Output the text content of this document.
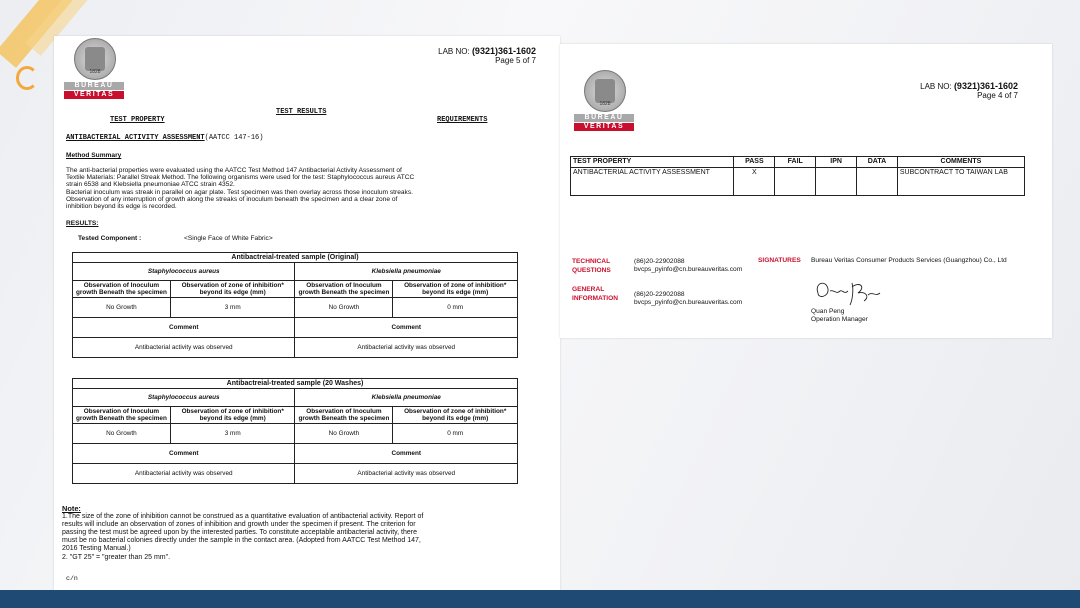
1828
BUREAU
VERITAS
LAB NO: (9321)361-1602
Page 5 of 7
TEST RESULTS
TEST PROPERTY	REQUIREMENTS
ANTIBACTERIAL ACTIVITY ASSESSMENT(AATCC 147-16)
Method Summary
The anti-bacterial properties were evaluated using the AATCC Test Method 147 Antibacterial Activity Assessment of
Textile Materials: Parallel Streak Method. The following organisms were used for the test: Staphylococcus aureus ATCC
strain 6538 and Klebsiella pneumoniae ATCC strain 4352.
Bacterial inoculum was streak in parallel on agar plate. Test specimen was then overlay across those inoculum streaks.
Observation of any interruption of growth along the streaks of inoculum beneath the specimen and a clear zone of
inhibition beyond its edge is recorded.
RESULTS:
Tested Component :	<Single Face of White Fabric>
Antibactreial-treated sample (Original)			
Staphylococcus aureus		Klebsiella pneumoniae	
Observation of Inoculum growth Beneath the specimen	Observation of zone of inhibition* beyond its edge (mm)	Observation of Inoculum growth Beneath the specimen	Observation of zone of inhibition* beyond its edge (mm)
No Growth	3 mm	No Growth	0 mm
Comment		Comment	
Antibacterial activity was observed		Antibacterial activity was observed	
Antibactreial-treated sample (20 Washes)			
Staphylococcus aureus		Klebsiella pneumoniae	
Observation of Inoculum growth Beneath the specimen	Observation of zone of inhibition* beyond its edge (mm)	Observation of Inoculum growth Beneath the specimen	Observation of zone of inhibition* beyond its edge (mm)
No Growth	3 mm	No Growth	0 mm
Comment		Comment	
Antibacterial activity was observed		Antibacterial activity was observed	
Note:
1.The size of the zone of inhibition cannot be construed as a quantitative evaluation of antibacterial activity. Report of
results will include an observation of zones of inhibition and growth under the specimen if present. The criterion for
passing the test must be agreed upon by the interested parties. To constitute acceptable antibacterial activity, there
must be no bacterial colonies directly under the sample in the contact area. (Adopted from AATCC Test Method 147,
2016 Testing Manual.)
2. "GT 25" = "greater than 25 mm".
c/n
1828
BUREAU
VERITAS
LAB NO: (9321)361-1602
Page 4 of 7
TEST PROPERTY	PASS	FAIL	IPN	DATA	COMMENTS
ANTIBACTERIAL ACTIVITY ASSESSMENT	X				SUBCONTRACT TO TAIWAN LAB
TECHNICAL QUESTIONS
(86)20-22902088
bvcps_pyinfo@cn.bureauveritas.com
GENERAL INFORMATION
(86)20-22902088
bvcps_pyinfo@cn.bureauveritas.com
SIGNATURES Bureau Veritas Consumer Products Services (Guangzhou) Co., Ltd
Quan Peng
Operation Manager
